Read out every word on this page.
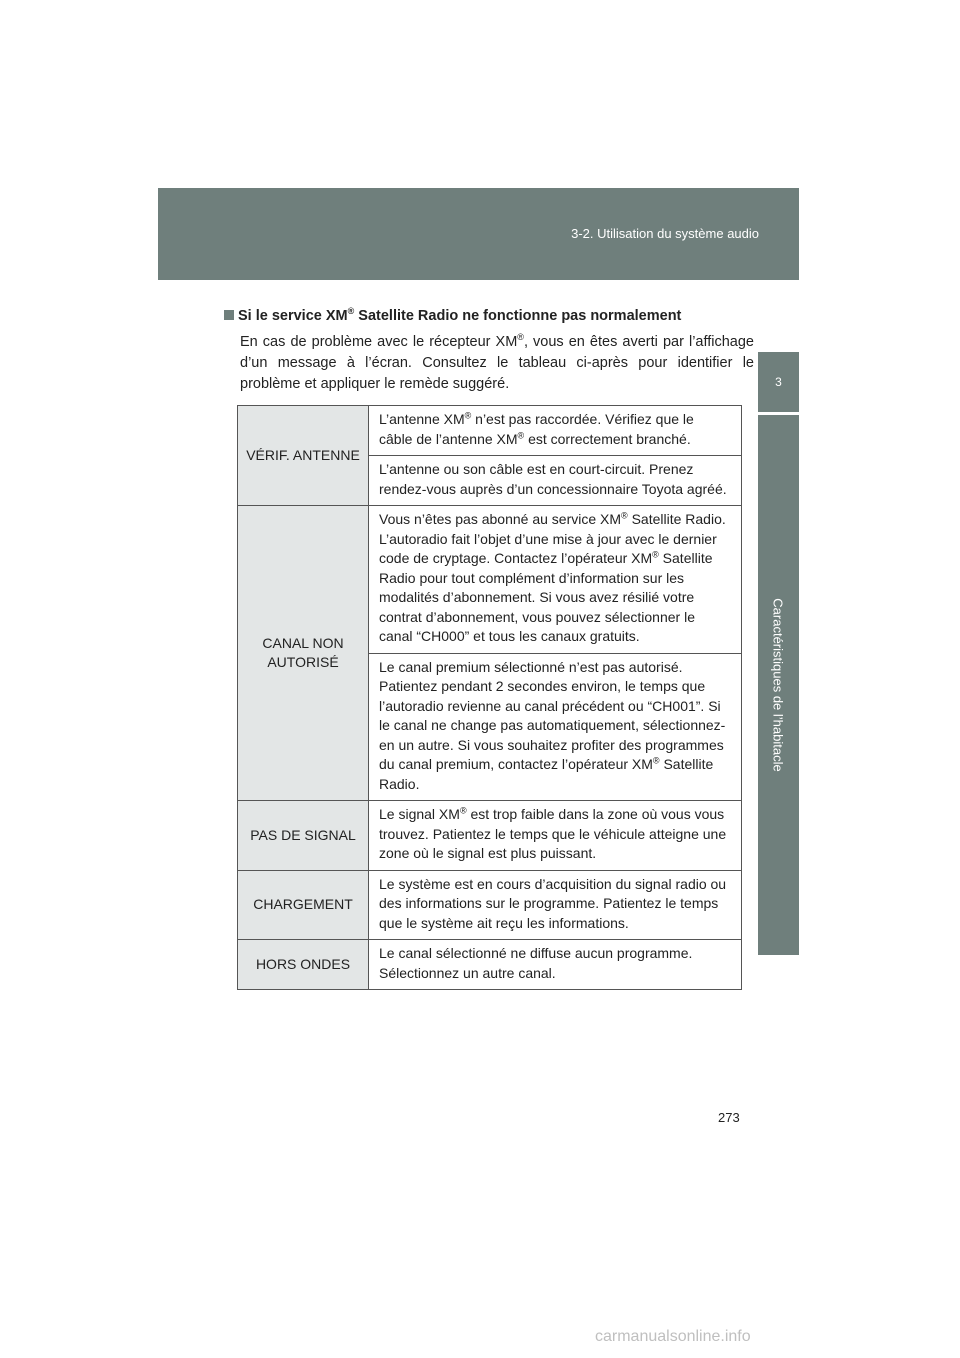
3-2. Utilisation du système audio
3
Caractéristiques de l’habitacle
Si le service XM® Satellite Radio ne fonctionne pas normalement
En cas de problème avec le récepteur XM®, vous en êtes averti par l’affichage d’un message à l’écran. Consultez le tableau ci-après pour identifier le problème et appliquer le remède suggéré.
VÉRIF. ANTENNE	L’antenne XM® n’est pas raccordée. Vérifiez que le câble de l’antenne XM® est correctement branché.
	L’antenne ou son câble est en court-circuit. Prenez rendez-vous auprès d’un concessionnaire Toyota agréé.
CANAL NON AUTORISÉ	Vous n’êtes pas abonné au service XM® Satellite Radio. L’autoradio fait l’objet d’une mise à jour avec le dernier code de cryptage. Contactez l’opérateur XM® Satellite Radio pour tout complément d’information sur les modalités d’abonnement. Si vous avez résilié votre contrat d’abonnement, vous pouvez sélectionner le canal “CH000” et tous les canaux gratuits.
	Le canal premium sélectionné n’est pas autorisé. Patientez pendant 2 secondes environ, le temps que l’autoradio revienne au canal précédent ou “CH001”. Si le canal ne change pas automatiquement, sélectionnez-en un autre. Si vous souhaitez profiter des programmes du canal premium, contactez l’opérateur XM® Satellite Radio.
PAS DE SIGNAL	Le signal XM® est trop faible dans la zone où vous vous trouvez. Patientez le temps que le véhicule atteigne une zone où le signal est plus puissant.
CHARGEMENT	Le système est en cours d’acquisition du signal radio ou des informations sur le programme. Patientez le temps que le système ait reçu les informations.
HORS ONDES	Le canal sélectionné ne diffuse aucun programme. Sélectionnez un autre canal.
273
carmanualsonline.info
